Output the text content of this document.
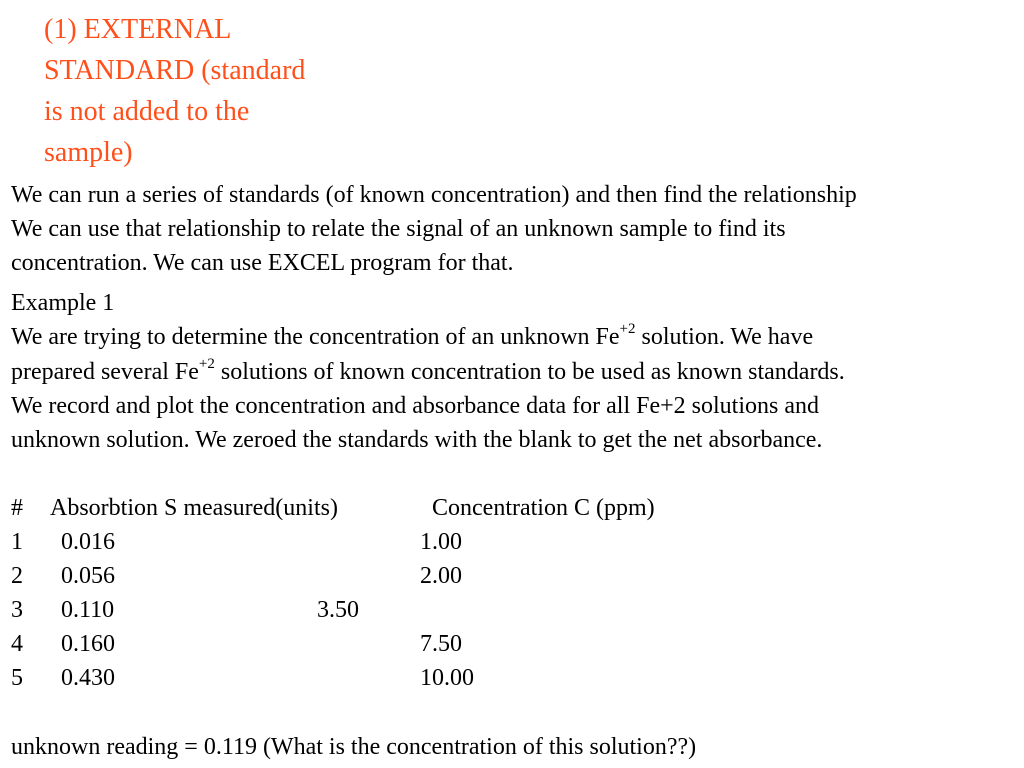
(1) EXTERNAL
STANDARD (standard
is not added to the
sample)
We can run a series of standards (of known concentration) and then find the relationship
We can use that relationship to relate the signal of an unknown sample to find its
concentration. We can use EXCEL program for that.
Example 1
We are trying to determine the concentration of an unknown $Fe^{+2}$ solution. We have
prepared several $Fe^{+2}$ solutions of known concentration to be used as known standards.
We record and plot the concentration and absorbance data for all Fe+2 solutions and
unknown solution. We zeroed the standards with the blank to get the net absorbance.
# Absorbtion S measured(units)	Concentration C (ppm)
1 0.016	1.00
2 0.056	2.00
3 0.110	3.50
4 0.160	7.50
5 0.430	10.00
unknown reading = 0.119 (What is the concentration of this solution??)
